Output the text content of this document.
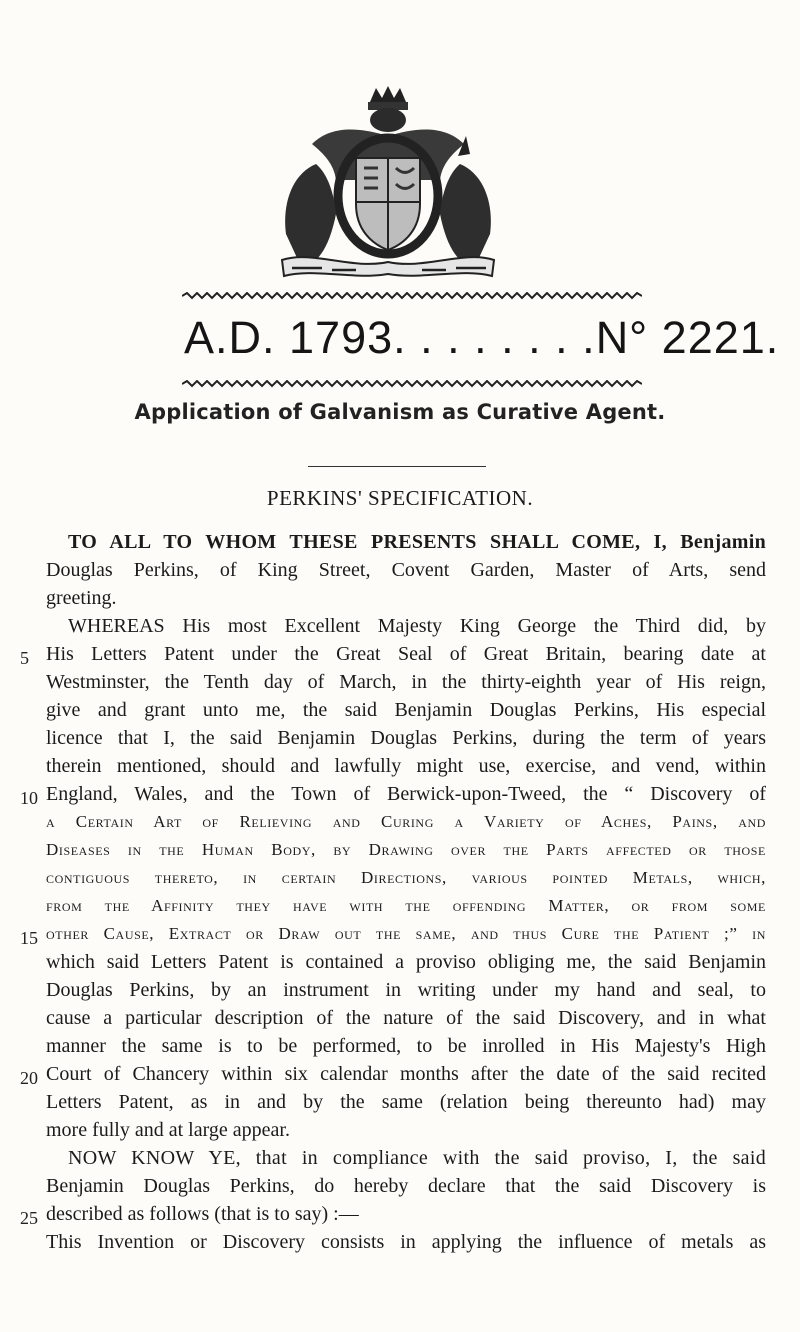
A.D. 1793 . . . . . . . . N° 2221.
Application of Galvanism as Curative Agent.
PERKINS' SPECIFICATION.
5
10
15
20
25
TO ALL TO WHOM THESE PRESENTS SHALL COME, I, Benjamin
Douglas Perkins, of King Street, Covent Garden, Master of Arts, send
greeting.
WHEREAS His most Excellent Majesty King George the Third did, by
His Letters Patent under the Great Seal of Great Britain, bearing date at
Westminster, the Tenth day of March, in the thirty-eighth year of His reign,
give and grant unto me, the said Benjamin Douglas Perkins, His especial
licence that I, the said Benjamin Douglas Perkins, during the term of years
therein mentioned, should and lawfully might use, exercise, and vend, within
England, Wales, and the Town of Berwick-upon-Tweed, the “ Discovery of
a Certain Art of Relieving and Curing a Variety of Aches, Pains, and
Diseases in the Human Body, by Drawing over the Parts affected or those
contiguous thereto, in certain Directions, various pointed Metals, which,
from the Affinity they have with the offending Matter, or from some
other Cause, Extract or Draw out the same, and thus Cure the Patient ;” in
which said Letters Patent is contained a proviso obliging me, the said Benjamin
Douglas Perkins, by an instrument in writing under my hand and seal, to
cause a particular description of the nature of the said Discovery, and in what
manner the same is to be performed, to be inrolled in His Majesty's High
Court of Chancery within six calendar months after the date of the said recited
Letters Patent, as in and by the same (relation being thereunto had) may
more fully and at large appear.
NOW KNOW YE, that in compliance with the said proviso, I, the said
Benjamin Douglas Perkins, do hereby declare that the said Discovery is
described as follows (that is to say) :—
This Invention or Discovery consists in applying the influence of metals as
